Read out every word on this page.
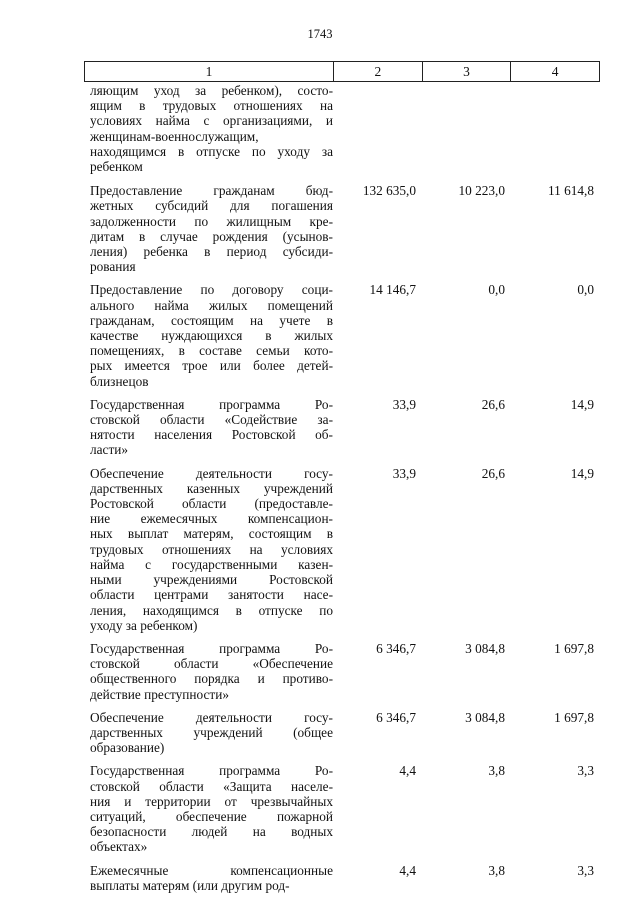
1743
1	2	3	4
ляющим уход за ребенком), состо-
ящим в трудовых отношениях на
условиях найма с организациями, и
женщинам-военнослужащим,
находящимся в отпуске по уходу за
ребенком
Предоставление гражданам бюд-
жетных субсидий для погашения
задолженности по жилищным кре-
дитам в случае рождения (усынов-
ления) ребенка в период субсиди-
рования
132 635,0	10 223,0	11 614,8
Предоставление по договору соци-
ального найма жилых помещений
гражданам, состоящим на учете в
качестве нуждающихся в жилых
помещениях, в составе семьи кото-
рых имеется трое или более детей-
близнецов
14 146,7	0,0	0,0
Государственная программа Ро-
стовской области «Содействие за-
нятости населения Ростовской об-
ласти»
33,9	26,6	14,9
Обеспечение деятельности госу-
дарственных казенных учреждений
Ростовской области (предоставле-
ние ежемесячных компенсацион-
ных выплат матерям, состоящим в
трудовых отношениях на условиях
найма с государственными казен-
ными учреждениями Ростовской
области центрами занятости насе-
ления, находящимся в отпуске по
уходу за ребенком)
33,9	26,6	14,9
Государственная программа Ро-
стовской области «Обеспечение
общественного порядка и противо-
действие преступности»
6 346,7	3 084,8	1 697,8
Обеспечение деятельности госу-
дарственных учреждений (общее
образование)
6 346,7	3 084,8	1 697,8
Государственная программа Ро-
стовской области «Защита населе-
ния и территории от чрезвычайных
ситуаций, обеспечение пожарной
безопасности людей на водных
объектах»
4,4	3,8	3,3
Ежемесячные компенсационные
выплаты матерям (или другим род-
4,4	3,8	3,3
